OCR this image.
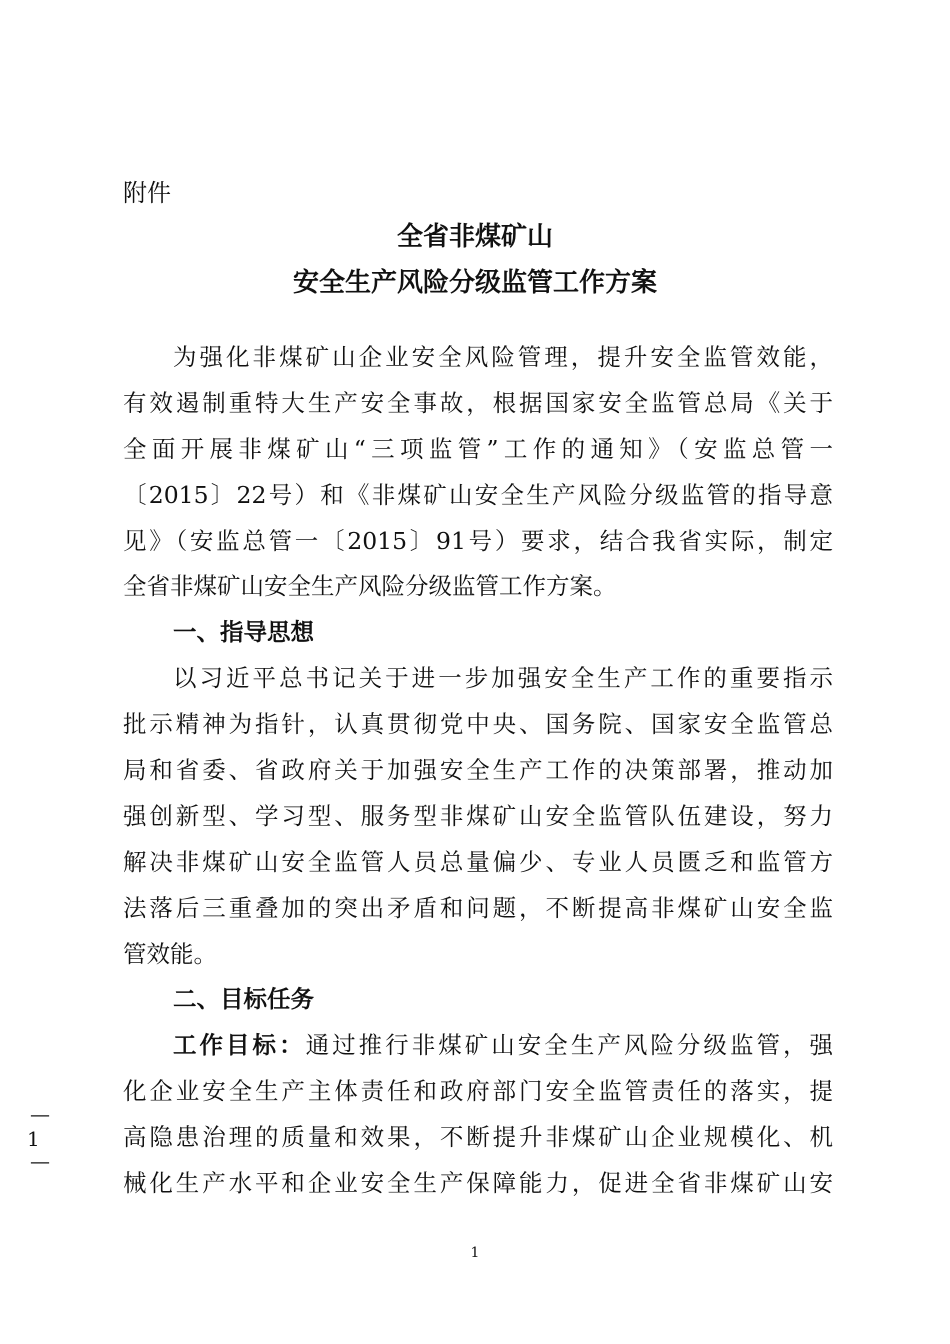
附件
全省非煤矿山
安全生产风险分级监管工作方案
为强化非煤矿山企业安全风险管理，提升安全监管效能，
有效遏制重特大生产安全事故，根据国家安全监管总局《关于
全面开展非煤矿山“三项监管”工作的通知》（安监总管一
〔2015〕22号）和《非煤矿山安全生产风险分级监管的指导意
见》（安监总管一〔2015〕91号）要求，结合我省实际，制定
全省非煤矿山安全生产风险分级监管工作方案。
一、指导思想
以习近平总书记关于进一步加强安全生产工作的重要指示
批示精神为指针，认真贯彻党中央、国务院、国家安全监管总
局和省委、省政府关于加强安全生产工作的决策部署，推动加
强创新型、学习型、服务型非煤矿山安全监管队伍建设，努力
解决非煤矿山安全监管人员总量偏少、专业人员匮乏和监管方
法落后三重叠加的突出矛盾和问题，不断提高非煤矿山安全监
管效能。
二、目标任务
工作目标：通过推行非煤矿山安全生产风险分级监管，强
化企业安全生产主体责任和政府部门安全监管责任的落实，提
高隐患治理的质量和效果，不断提升非煤矿山企业规模化、机
械化生产水平和企业安全生产保障能力，促进全省非煤矿山安
—
1
—
1
